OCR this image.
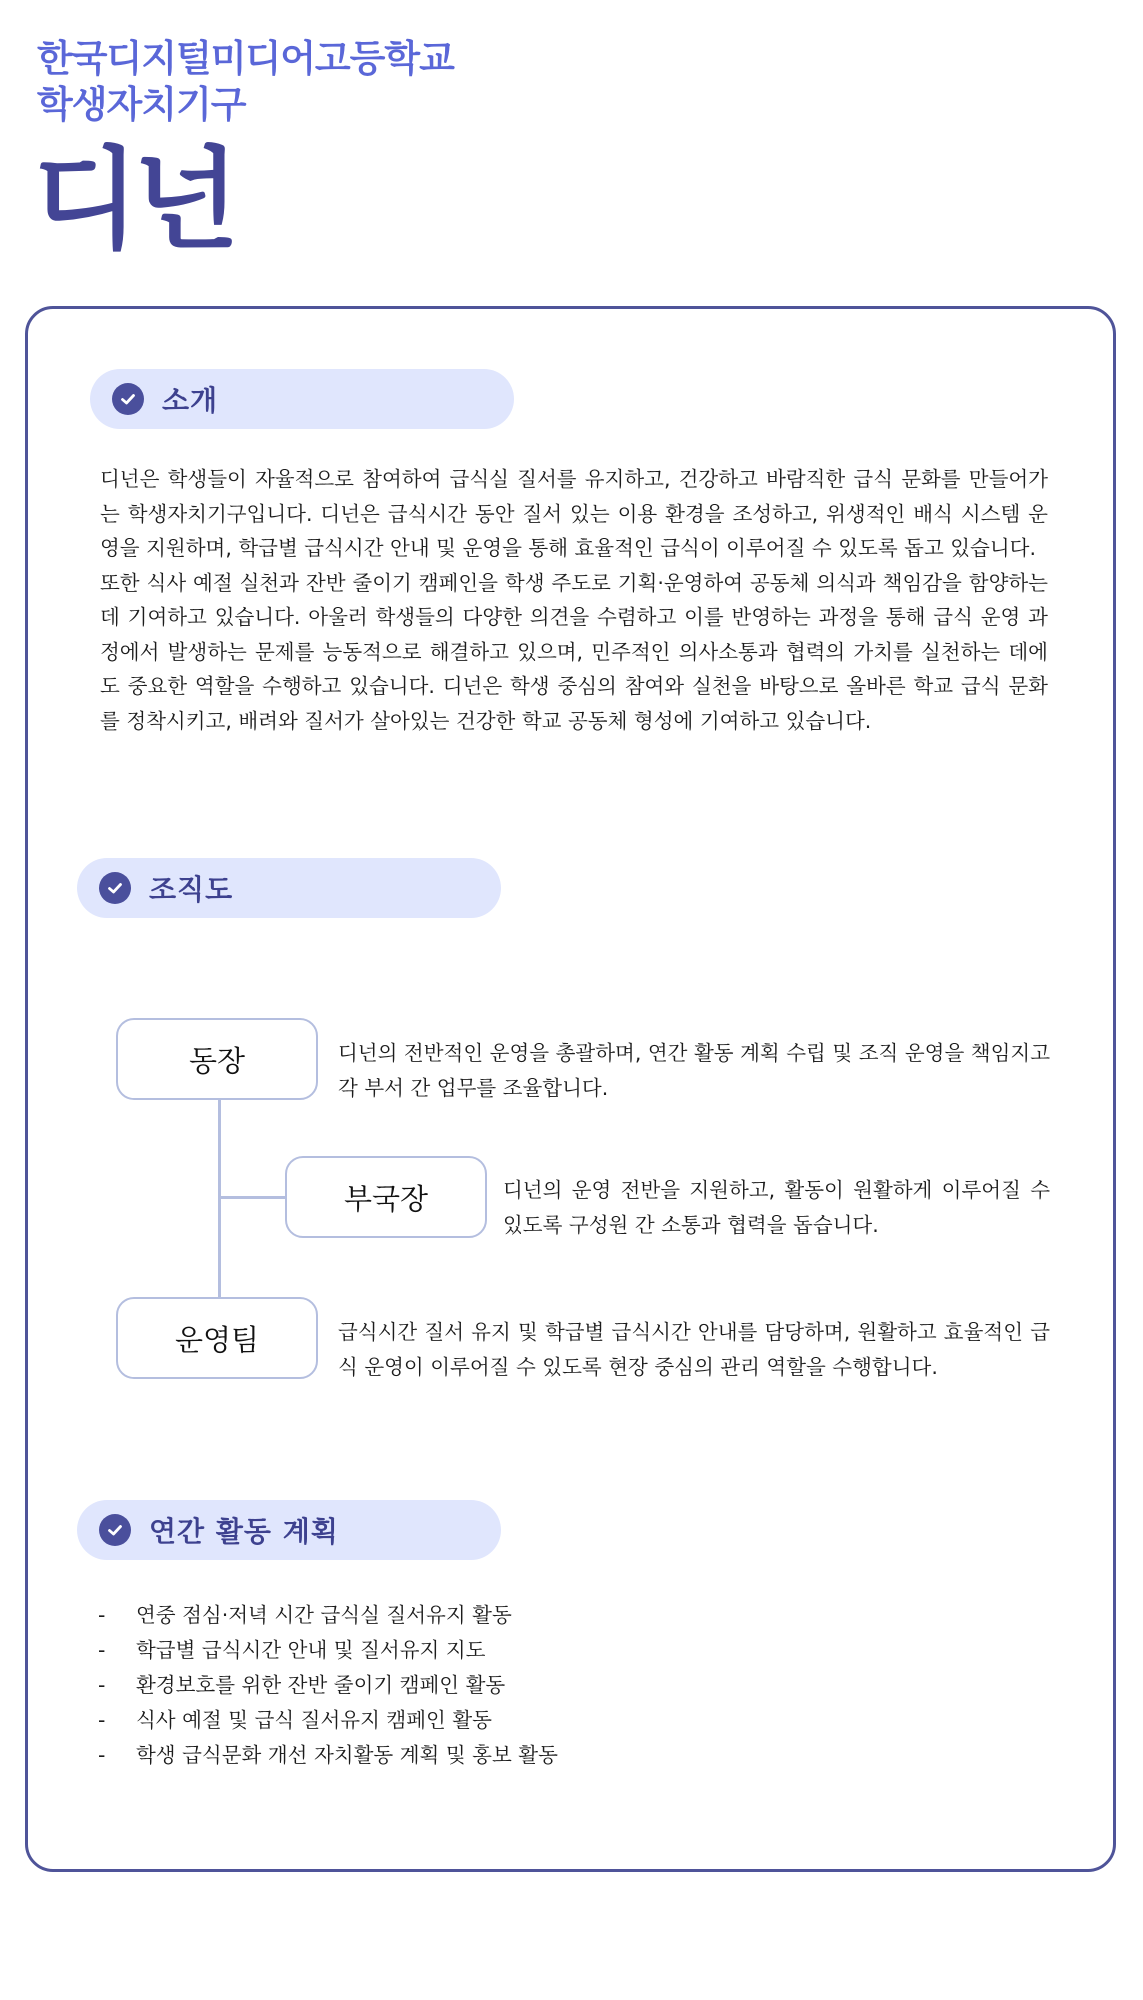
한국디지털미디어고등학교
학생자치기구
디넌
소개

디넌은 학생들이 자율적으로 참여하여 급식실 질서를 유지하고, 건강하고 바람직한 급식 문화를 만들어가는 학생자치기구입니다. 디넌은 급식시간 동안 질서 있는 이용 환경을 조성하고, 위생적인 배식 시스템 운영을 지원하며, 학급별 급식시간 안내 및 운영을 통해 효율적인 급식이 이루어질 수 있도록 돕고 있습니다.

또한 식사 예절 실천과 잔반 줄이기 캠페인을 학생 주도로 기획·운영하여 공동체 의식과 책임감을 함양하는 데 기여하고 있습니다. 아울러 학생들의 다양한 의견을 수렴하고 이를 반영하는 과정을 통해 급식 운영 과정에서 발생하는 문제를 능동적으로 해결하고 있으며, 민주적인 의사소통과 협력의 가치를 실천하는 데에도 중요한 역할을 수행하고 있습니다. 디넌은 학생 중심의 참여와 실천을 바탕으로 올바른 학교 급식 문화를 정착시키고, 배려와 질서가 살아있는 건강한 학교 공동체 형성에 기여하고 있습니다.

조직도
동장	디넌의 전반적인 운영을 총괄하며, 연간 활동 계획 수립 및 조직 운영을 책임지고 각 부서 간 업무를 조율합니다.
부국장	디넌의 운영 전반을 지원하고, 활동이 원활하게 이루어질 수 있도록 구성원 간 소통과 협력을 돕습니다.
운영팀	급식시간 질서 유지 및 학급별 급식시간 안내를 담당하며, 원활하고 효율적인 급식 운영이 이루어질 수 있도록 현장 중심의 관리 역할을 수행합니다.
연간 활동 계획
-	연중 점심·저녁 시간 급식실 질서유지 활동
-	학급별 급식시간 안내 및 질서유지 지도
-	환경보호를 위한 잔반 줄이기 캠페인 활동
-	식사 예절 및 급식 질서유지 캠페인 활동
-	학생 급식문화 개선 자치활동 계획 및 홍보 활동
